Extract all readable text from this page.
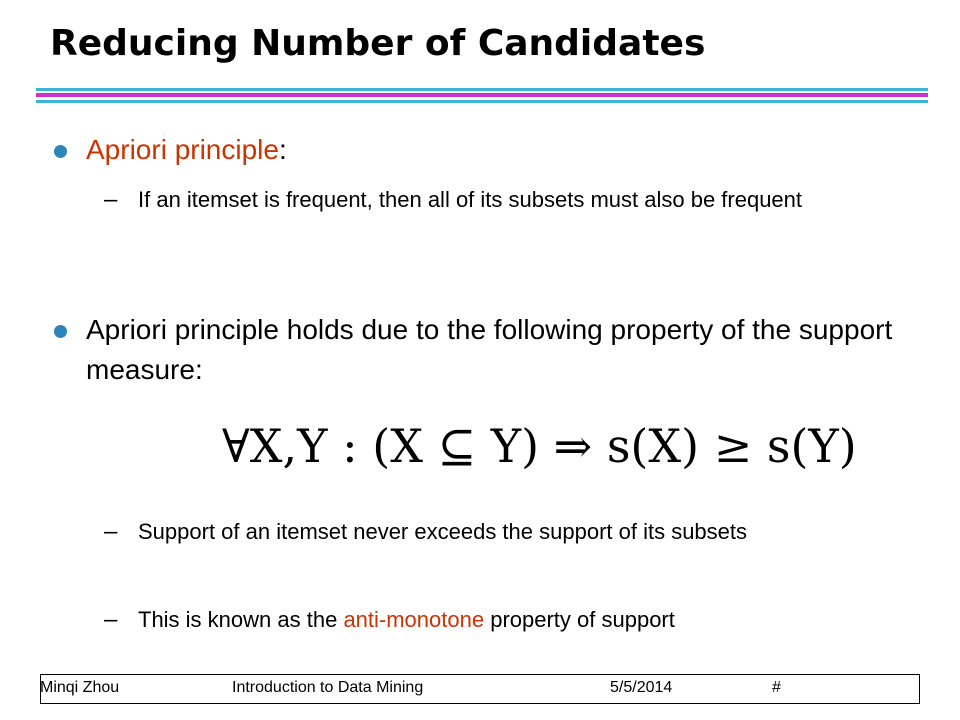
Reducing Number of Candidates

Apriori principle:

– If an itemset is frequent, then all of its subsets must also be frequent

Apriori principle holds due to the following property of the support measure:

∀X,Y : (X ⊆ Y) ⇒ s(X) ≥ s(Y)
– Support of an itemset never exceeds the support of its subsets

– This is known as the anti-monotone property of support

Minqi Zhou	Introduction to Data Mining	5/5/2014	#
